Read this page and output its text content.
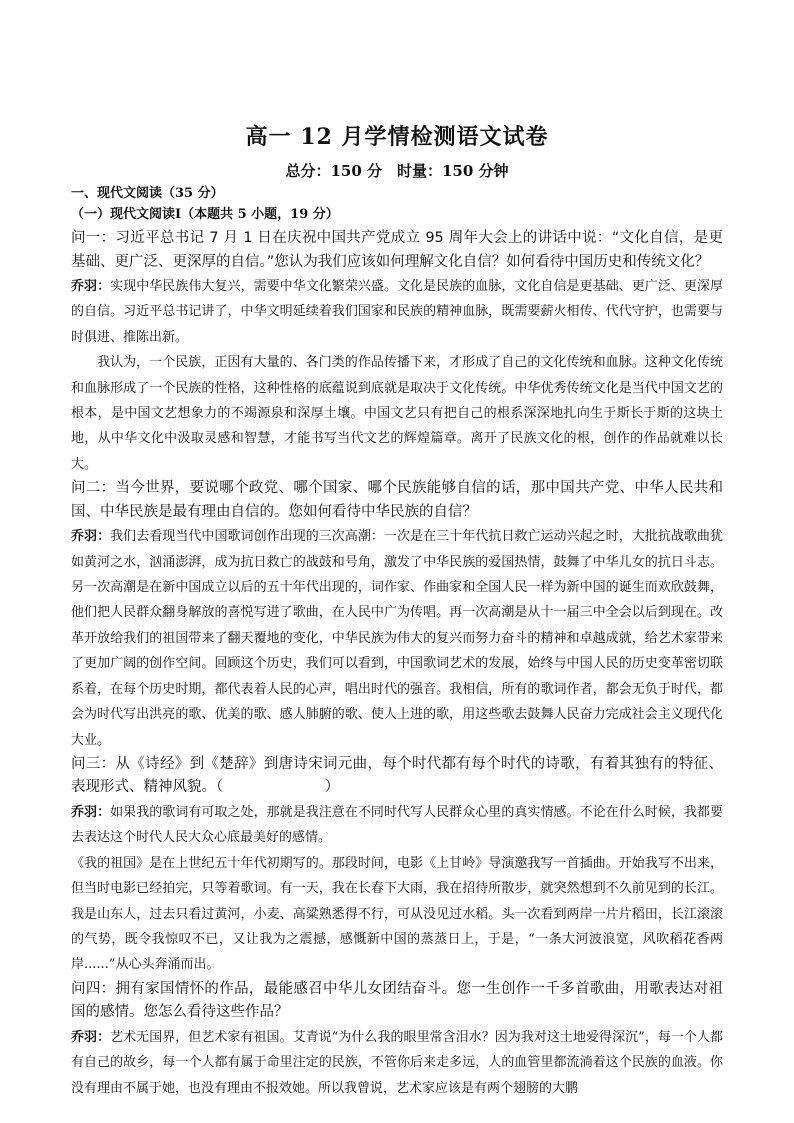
高一 12 月学情检测语文试卷
总分：150 分　时量：150 分钟
一、现代文阅读（35 分）
（一）现代文阅读Ⅰ（本题共 5 小题，19 分）

问一：习近平总书记 7 月 1 日在庆祝中国共产党成立 95 周年大会上的讲话中说：“文化自信，是更基础、更广泛、更深厚的自信。”您认为我们应该如何理解文化自信？如何看待中国历史和传统文化？

乔羽：实现中华民族伟大复兴，需要中华文化繁荣兴盛。文化是民族的血脉，文化自信是更基础、更广泛、更深厚的自信。习近平总书记讲了，中华文明延续着我们国家和民族的精神血脉，既需要薪火相传、代代守护，也需要与时俱进、推陈出新。

我认为，一个民族，正因有大量的、各门类的作品传播下来，才形成了自己的文化传统和血脉。这种文化传统和血脉形成了一个民族的性格，这种性格的底蕴说到底就是取决于文化传统。中华优秀传统文化是当代中国文艺的根本，是中国文艺想象力的不竭源泉和深厚土壤。中国文艺只有把自己的根系深深地扎向生于斯长于斯的这块土地，从中华文化中汲取灵感和智慧，才能书写当代文艺的辉煌篇章。离开了民族文化的根，创作的作品就难以长大。

问二：当今世界，要说哪个政党、哪个国家、哪个民族能够自信的话，那中国共产党、中华人民共和国、中华民族是最有理由自信的。您如何看待中华民族的自信？

乔羽：我们去看现当代中国歌词创作出现的三次高潮：一次是在三十年代抗日救亡运动兴起之时，大批抗战歌曲犹如黄河之水，汹涌澎湃，成为抗日救亡的战鼓和号角，激发了中华民族的爱国热情，鼓舞了中华儿女的抗日斗志。另一次高潮是在新中国成立以后的五十年代出现的，词作家、作曲家和全国人民一样为新中国的诞生而欢欣鼓舞，他们把人民群众翻身解放的喜悦写进了歌曲，在人民中广为传唱。再一次高潮是从十一届三中全会以后到现在。改革开放给我们的祖国带来了翻天覆地的变化，中华民族为伟大的复兴而努力奋斗的精神和卓越成就，给艺术家带来了更加广阔的创作空间。回顾这个历史，我们可以看到，中国歌词艺术的发展，始终与中国人民的历史变革密切联系着，在每个历史时期，都代表着人民的心声，唱出时代的强音。我相信，所有的歌词作者，都会无负于时代，都会为时代写出洪亮的歌、优美的歌、感人肺腑的歌、使人上进的歌，用这些歌去鼓舞人民奋力完成社会主义现代化大业。

问三：从《诗经》到《楚辞》到唐诗宋词元曲，每个时代都有每个时代的诗歌，有着其独有的特征、表现形式、精神风貌。（　　　　　　　）

乔羽：如果我的歌词有可取之处，那就是我注意在不同时代写人民群众心里的真实情感。不论在什么时候，我都要去表达这个时代人民大众心底最美好的感情。

《我的祖国》是在上世纪五十年代初期写的。那段时间，电影《上甘岭》导演邀我写一首插曲。开始我写不出来，但当时电影已经拍完，只等着歌词。有一天，我在长春下大雨，我在招待所散步，就突然想到不久前见到的长江。我是山东人，过去只看过黄河，小麦、高粱熟悉得不行，可从没见过水稻。头一次看到两岸一片片稻田，长江滚滚的气势，既令我惊叹不已，又让我为之震撼，感慨新中国的蒸蒸日上，于是，“一条大河波浪宽，风吹稻花香两岸......”从心头奔涌而出。

问四：拥有家国情怀的作品，最能感召中华儿女团结奋斗。您一生创作一千多首歌曲，用歌表达对祖国的感情。您怎么看待这些作品？

乔羽：艺术无国界，但艺术家有祖国。艾青说“为什么我的眼里常含泪水？因为我对这土地爱得深沉”，每一个人都有自己的故乡，每一个人都有属于命里注定的民族，不管你后来走多远，人的血管里都流淌着这个民族的血液。你没有理由不属于她，也没有理由不报效她。所以我曾说，艺术家应该是有两个翅膀的大鹏
